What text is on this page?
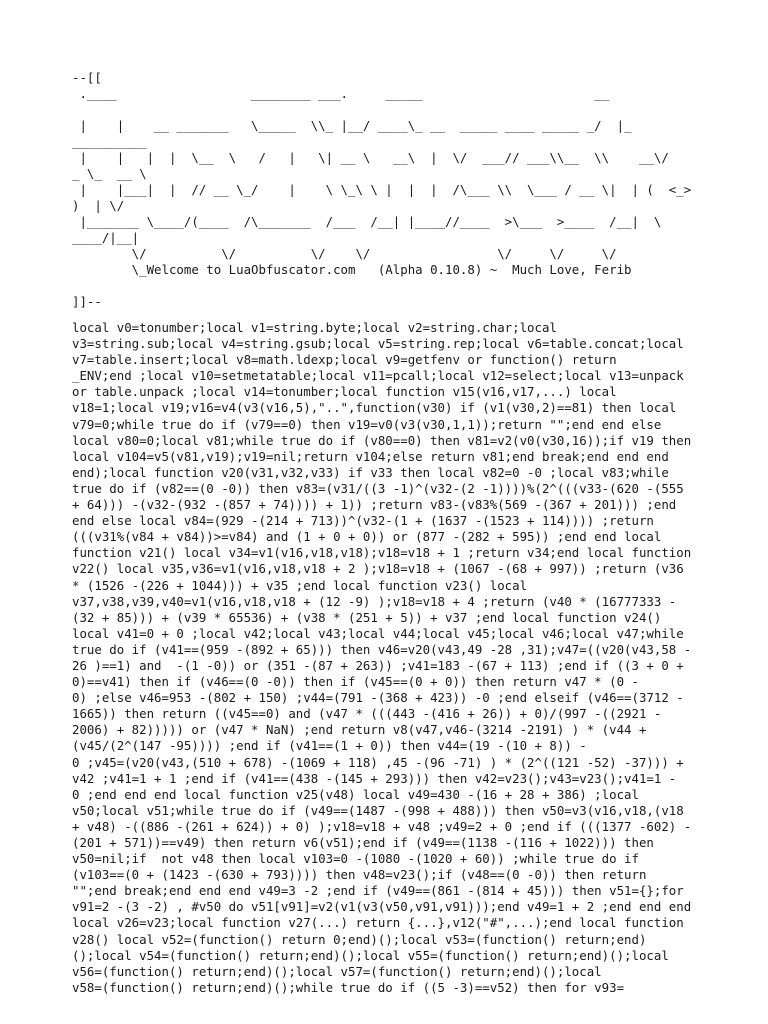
--[[
.____                  ________ ___.     _____                       __
|    |    __ _______   \_____  \\_ |__/ ____\_ __  _____ ____ _____ _/  |_
__________
|    |   |  |  \__  \   /   |   \| __ \   __\  |  \/  ___// ___\\__  \\    __\/
_ \_  __ \
|    |___|  |  // __ \_/    |    \ \_\ \ |  |  |  /\___ \\  \___ / __ \|  | (  <_>
)  | \/
|_______ \____/(____  /\_______  /___  /__| |____//____  >\___  >____  /__|  \
____/|__|
\/          \/          \/    \/                 \/     \/     \/
\_Welcome to LuaObfuscator.com   (Alpha 0.10.8) ~  Much Love, Ferib
]]--
local v0=tonumber;local v1=string.byte;local v2=string.char;local
v3=string.sub;local v4=string.gsub;local v5=string.rep;local v6=table.concat;local
v7=table.insert;local v8=math.ldexp;local v9=getfenv or function() return
_ENV;end ;local v10=setmetatable;local v11=pcall;local v12=select;local v13=unpack
or table.unpack ;local v14=tonumber;local function v15(v16,v17,...) local
v18=1;local v19;v16=v4(v3(v16,5),"..",function(v30) if (v1(v30,2)==81) then local
v79=0;while true do if (v79==0) then v19=v0(v3(v30,1,1));return "";end end else
local v80=0;local v81;while true do if (v80==0) then v81=v2(v0(v30,16));if v19 then
local v104=v5(v81,v19);v19=nil;return v104;else return v81;end break;end end end
end);local function v20(v31,v32,v33) if v33 then local v82=0 -0 ;local v83;while
true do if (v82==(0 -0)) then v83=(v31/((3 -1)^(v32-(2 -1))))%(2^(((v33-(620 -(555
+ 64))) -(v32-(932 -(857 + 74)))) + 1)) ;return v83-(v83%(569 -(367 + 201))) ;end
end else local v84=(929 -(214 + 713))^(v32-(1 + (1637 -(1523 + 114)))) ;return
(((v31%(v84 + v84))>=v84) and (1 + 0 + 0)) or (877 -(282 + 595)) ;end end local
function v21() local v34=v1(v16,v18,v18);v18=v18 + 1 ;return v34;end local function
v22() local v35,v36=v1(v16,v18,v18 + 2 );v18=v18 + (1067 -(68 + 997)) ;return (v36
* (1526 -(226 + 1044))) + v35 ;end local function v23() local
v37,v38,v39,v40=v1(v16,v18,v18 + (12 -9) );v18=v18 + 4 ;return (v40 * (16777333 -
(32 + 85))) + (v39 * 65536) + (v38 * (251 + 5)) + v37 ;end local function v24()
local v41=0 + 0 ;local v42;local v43;local v44;local v45;local v46;local v47;while
true do if (v41==(959 -(892 + 65))) then v46=v20(v43,49 -28 ,31);v47=((v20(v43,58 -
26 )==1) and  -(1 -0)) or (351 -(87 + 263)) ;v41=183 -(67 + 113) ;end if ((3 + 0 +
0)==v41) then if (v46==(0 -0)) then if (v45==(0 + 0)) then return v47 * (0 -
0) ;else v46=953 -(802 + 150) ;v44=(791 -(368 + 423)) -0 ;end elseif (v46==(3712 -
1665)) then return ((v45==0) and (v47 * (((443 -(416 + 26)) + 0)/(997 -((2921 -
2006) + 82))))) or (v47 * NaN) ;end return v8(v47,v46-(3214 -2191) ) * (v44 +
(v45/(2^(147 -95)))) ;end if (v41==(1 + 0)) then v44=(19 -(10 + 8)) -
0 ;v45=(v20(v43,(510 + 678) -(1069 + 118) ,45 -(96 -71) ) * (2^((121 -52) -37))) +
v42 ;v41=1 + 1 ;end if (v41==(438 -(145 + 293))) then v42=v23();v43=v23();v41=1 -
0 ;end end end local function v25(v48) local v49=430 -(16 + 28 + 386) ;local
v50;local v51;while true do if (v49==(1487 -(998 + 488))) then v50=v3(v16,v18,(v18
+ v48) -((886 -(261 + 624)) + 0) );v18=v18 + v48 ;v49=2 + 0 ;end if (((1377 -602) -
(201 + 571))==v49) then return v6(v51);end if (v49==(1138 -(116 + 1022))) then
v50=nil;if  not v48 then local v103=0 -(1080 -(1020 + 60)) ;while true do if
(v103==(0 + (1423 -(630 + 793)))) then v48=v23();if (v48==(0 -0)) then return
"";end break;end end end v49=3 -2 ;end if (v49==(861 -(814 + 45))) then v51={};for
v91=2 -(3 -2) , #v50 do v51[v91]=v2(v1(v3(v50,v91,v91)));end v49=1 + 2 ;end end end
local v26=v23;local function v27(...) return {...},v12("#",...);end local function
v28() local v52=(function() return 0;end)();local v53=(function() return;end)
();local v54=(function() return;end)();local v55=(function() return;end)();local
v56=(function() return;end)();local v57=(function() return;end)();local
v58=(function() return;end)();while true do if ((5 -3)==v52) then for v93=
